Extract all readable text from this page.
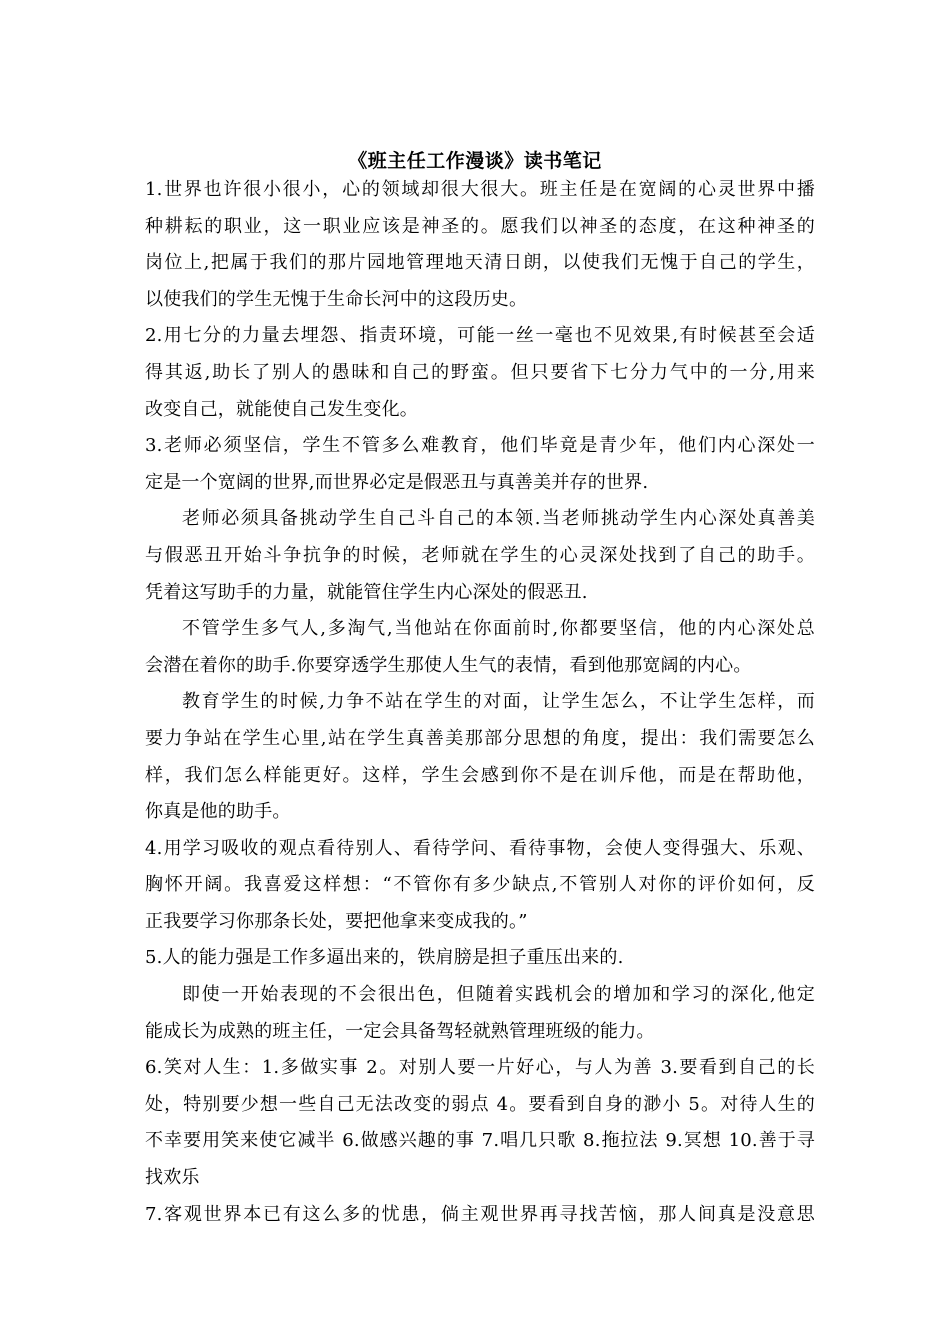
《班主任工作漫谈》读书笔记
1.世界也许很小很小，心的领域却很大很大。班主任是在宽阔的心灵世界中播
种耕耘的职业，这一职业应该是神圣的。愿我们以神圣的态度，在这种神圣的
岗位上,把属于我们的那片园地管理地天清日朗，以使我们无愧于自己的学生，
以使我们的学生无愧于生命长河中的这段历史。
2.用七分的力量去埋怨、指责环境，可能一丝一毫也不见效果,有时候甚至会适
得其返,助长了别人的愚昧和自己的野蛮。但只要省下七分力气中的一分,用来
改变自己，就能使自己发生变化。
3.老师必须坚信，学生不管多么难教育，他们毕竟是青少年，他们内心深处一
定是一个宽阔的世界,而世界必定是假恶丑与真善美并存的世界.
老师必须具备挑动学生自己斗自己的本领.当老师挑动学生内心深处真善美
与假恶丑开始斗争抗争的时候，老师就在学生的心灵深处找到了自己的助手。
凭着这写助手的力量，就能管住学生内心深处的假恶丑.
不管学生多气人,多淘气,当他站在你面前时,你都要坚信，他的内心深处总
会潜在着你的助手.你要穿透学生那使人生气的表情，看到他那宽阔的内心。
教育学生的时候,力争不站在学生的对面，让学生怎么，不让学生怎样，而
要力争站在学生心里,站在学生真善美那部分思想的角度，提出：我们需要怎么
样，我们怎么样能更好。这样，学生会感到你不是在训斥他，而是在帮助他，
你真是他的助手。
4.用学习吸收的观点看待别人、看待学问、看待事物，会使人变得强大、乐观、
胸怀开阔。我喜爱这样想：“不管你有多少缺点,不管别人对你的评价如何，反
正我要学习你那条长处，要把他拿来变成我的。”
5.人的能力强是工作多逼出来的，铁肩膀是担子重压出来的.
即使一开始表现的不会很出色，但随着实践机会的增加和学习的深化,他定
能成长为成熟的班主任，一定会具备驾轻就熟管理班级的能力。
6.笑对人生：1.多做实事 2。对别人要一片好心，与人为善 3.要看到自己的长
处，特别要少想一些自己无法改变的弱点 4。要看到自身的渺小 5。对待人生的
不幸要用笑来使它减半 6.做感兴趣的事 7.唱几只歌 8.拖拉法 9.冥想 10.善于寻
找欢乐
7.客观世界本已有这么多的忧患，倘主观世界再寻找苦恼，那人间真是没意思
